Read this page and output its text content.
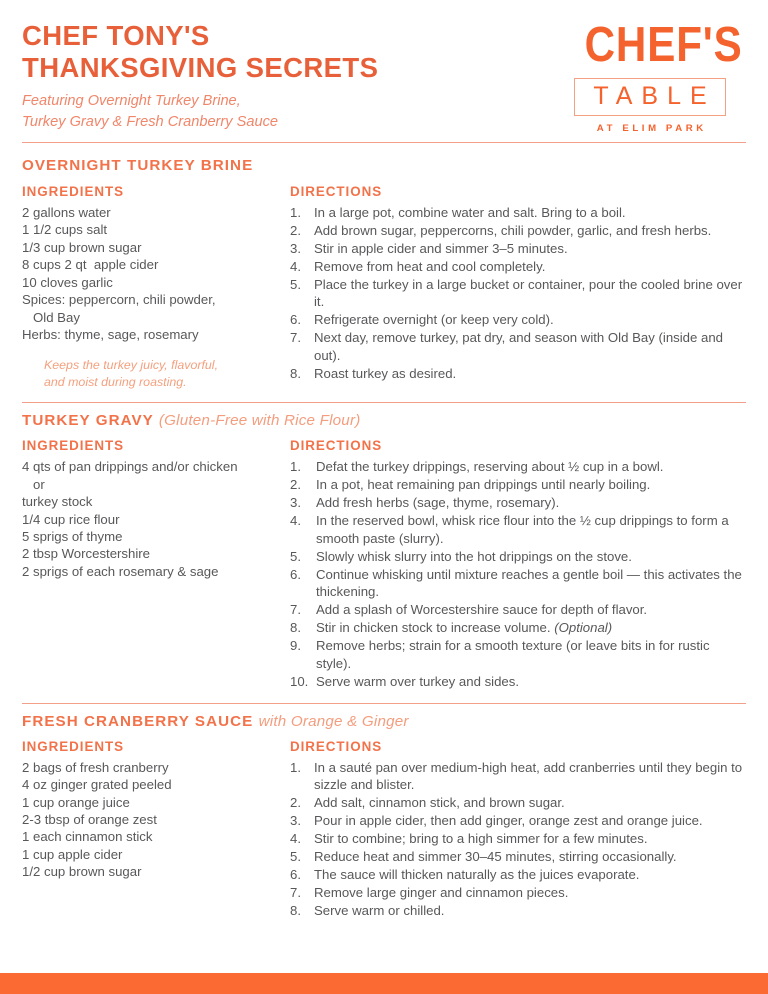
CHEF TONY'S
THANKSGIVING SECRETS
Featuring Overnight Turkey Brine,
Turkey Gravy & Fresh Cranberry Sauce
CHEF'S
TABLE
AT ELIM PARK
OVERNIGHT TURKEY BRINE
INGREDIENTS
2 gallons water
1 1/2 cups salt
1/3 cup brown sugar
8 cups 2 qt  apple cider
10 cloves garlic
Spices: peppercorn, chili powder,
Old Bay
Herbs: thyme, sage, rosemary
Keeps the turkey juicy, flavorful,
and moist during roasting.
DIRECTIONS
In a large pot, combine water and salt. Bring to a boil.
Add brown sugar, peppercorns, chili powder, garlic, and fresh herbs.
Stir in apple cider and simmer 3–5 minutes.
Remove from heat and cool completely.
Place the turkey in a large bucket or container, pour the cooled brine over it.
Refrigerate overnight (or keep very cold).
Next day, remove turkey, pat dry, and season with Old Bay (inside and out).
Roast turkey as desired.
TURKEY GRAVY (Gluten-Free with Rice Flour)
INGREDIENTS
4 qts of pan drippings and/or chicken
or
turkey stock
1/4 cup rice flour
5 sprigs of thyme
2 tbsp Worcestershire
2 sprigs of each rosemary & sage
DIRECTIONS
Defat the turkey drippings, reserving about ½ cup in a bowl.
In a pot, heat remaining pan drippings until nearly boiling.
Add fresh herbs (sage, thyme, rosemary).
In the reserved bowl, whisk rice flour into the ½ cup drippings to form a smooth paste (slurry).
Slowly whisk slurry into the hot drippings on the stove.
Continue whisking until mixture reaches a gentle boil — this activates the thickening.
Add a splash of Worcestershire sauce for depth of flavor.
Stir in chicken stock to increase volume. (Optional)
Remove herbs; strain for a smooth texture (or leave bits in for rustic style).
Serve warm over turkey and sides.
FRESH CRANBERRY SAUCE with Orange & Ginger
INGREDIENTS
2 bags of fresh cranberry
4 oz ginger grated peeled
1 cup orange juice
2-3 tbsp of orange zest
1 each cinnamon stick
1 cup apple cider
1/2 cup brown sugar
DIRECTIONS
In a sauté pan over medium-high heat, add cranberries until they begin to sizzle and blister.
Add salt, cinnamon stick, and brown sugar.
Pour in apple cider, then add ginger, orange zest and orange juice.
Stir to combine; bring to a high simmer for a few minutes.
Reduce heat and simmer 30–45 minutes, stirring occasionally.
The sauce will thicken naturally as the juices evaporate.
Remove large ginger and cinnamon pieces.
Serve warm or chilled.
